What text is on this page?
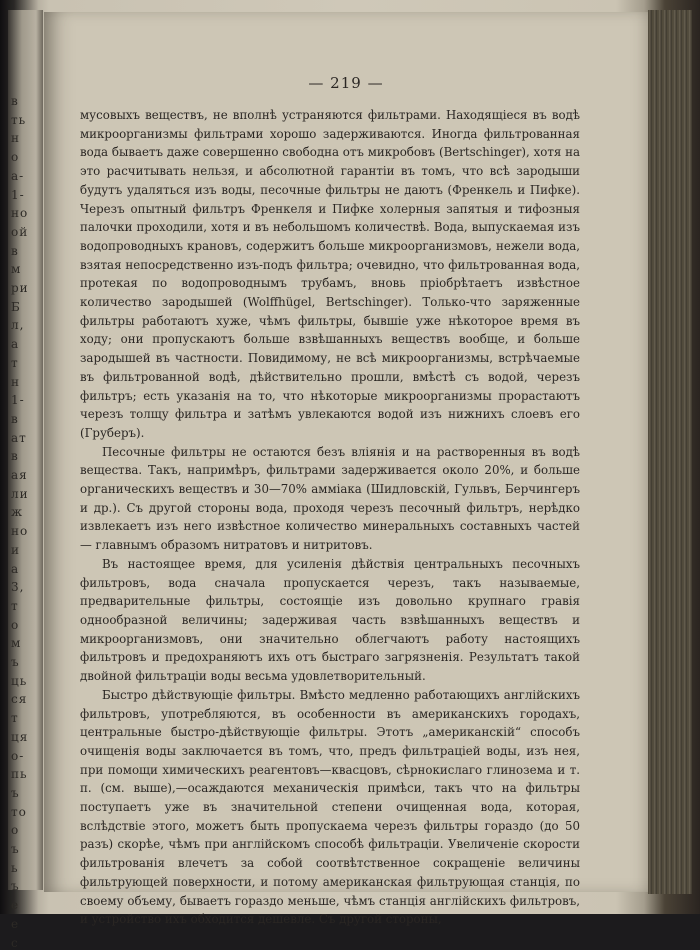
в
ть
н
о
а-
1-
но
ой
в
м
ри
Б
л,
а
т
н
1-
в
ат
в
ая
ли
ж
но
и
а
3,
т
о
м
ъ
ць
ся
т
ця
о-
пь
ъ
то
о
ъ
ь
ъ
е
е
с
— 219 —

мусовыхъ веществъ, не вполнѣ устраняются фильтрами. Находящiеся въ водѣ микроорганизмы фильтрами хорошо задерживаются. Иногда фильтрованная вода бываетъ даже совершенно свободна отъ микробовъ (Bertschinger), хотя на это расчитывать нельзя, и абсолютной гарантiи въ томъ, что всѣ зародыши будутъ удаляться изъ воды, песочные фильтры не даютъ (Френкель и Пифке). Черезъ опытный фильтръ Френкеля и Пифке холерныя запятыя и тифозныя палочки проходили, хотя и въ небольшомъ количествѣ. Вода, выпускаемая изъ водопроводныхъ крановъ, содержитъ больше микроорганизмовъ, нежели вода, взятая непосредственно изъ-подъ фильтра; очевидно, что фильтрованная вода, протекая по водопроводнымъ трубамъ, вновь прiобрѣтаетъ извѣстное количество зародышей (Wolffhügel, Bertschinger). Только-что заряженные фильтры работаютъ хуже, чѣмъ фильтры, бывшiе уже нѣкоторое время въ ходу; они пропускаютъ больше взвѣшанныхъ веществъ вообще, и больше зародышей въ частности. Повидимому, не всѣ микроорганизмы, встрѣчаемые въ фильтрованной водѣ, дѣйствительно прошли, вмѣстѣ съ водой, черезъ фильтръ; есть указанiя на то, что нѣкоторые микроорганизмы прорастаютъ черезъ толщу фильтра и затѣмъ увлекаются водой изъ нижнихъ слоевъ его (Груберъ).

Песочные фильтры не остаются безъ влiянiя и на растворенныя въ водѣ вещества. Такъ, напримѣръ, фильтрами задерживается около 20%, и больше органическихъ веществъ и 30—70% амміака (Шидловскій, Гульвъ, Берчингеръ и др.). Съ другой стороны вода, проходя черезъ песочный фильтръ, нерѣдко извлекаетъ изъ него извѣстное количество минеральныхъ составныхъ частей — главнымъ образомъ нитратовъ и нитритовъ.

Въ настоящее время, для усиленiя дѣйствiя центральныхъ песочныхъ фильтровъ, вода сначала пропускается черезъ, такъ называемые, предварительные фильтры, состоящiе изъ довольно крупнаго гравiя однообразной величины; задерживая часть взвѣшанныхъ веществъ и микроорганизмовъ, они значительно облегчаютъ работу настоящихъ фильтровъ и предохраняютъ ихъ отъ быстраго загрязненiя. Результатъ такой двойной фильтрацiи воды весьма удовлетворительный.

Быстро дѣйствующiе фильтры. Вмѣсто медленно работающихъ англiйскихъ фильтровъ, употребляются, въ особенности въ американскихъ городахъ, центральные быстро-дѣйствующiе фильтры. Этотъ „американскiй“ способъ очищенiя воды заключается въ томъ, что, предъ фильтрацiей воды, изъ нея, при помощи химическихъ реагентовъ—квасцовъ, сѣрнокислаго глинозема и т. п. (см. выше),—осаждаются механическiя примѣси, такъ что на фильтры поступаетъ уже въ значительной степени очищенная вода, которая, вслѣдствiе этого, можетъ быть пропускаема черезъ фильтры гораздо (до 50 разъ) скорѣе, чѣмъ при англiйскомъ способѣ фильтрацiи. Увеличенiе скорости фильтрованiя влечетъ за собой соотвѣтственное сокращенiе величины фильтрующей поверхности, и потому американская фильтрующая станцiя, по своему объему, бываетъ гораздо меньше, чѣмъ станцiя англiйскихъ фильтровъ, и устройство ихъ обходится дешевле. Съ другой стороны,
